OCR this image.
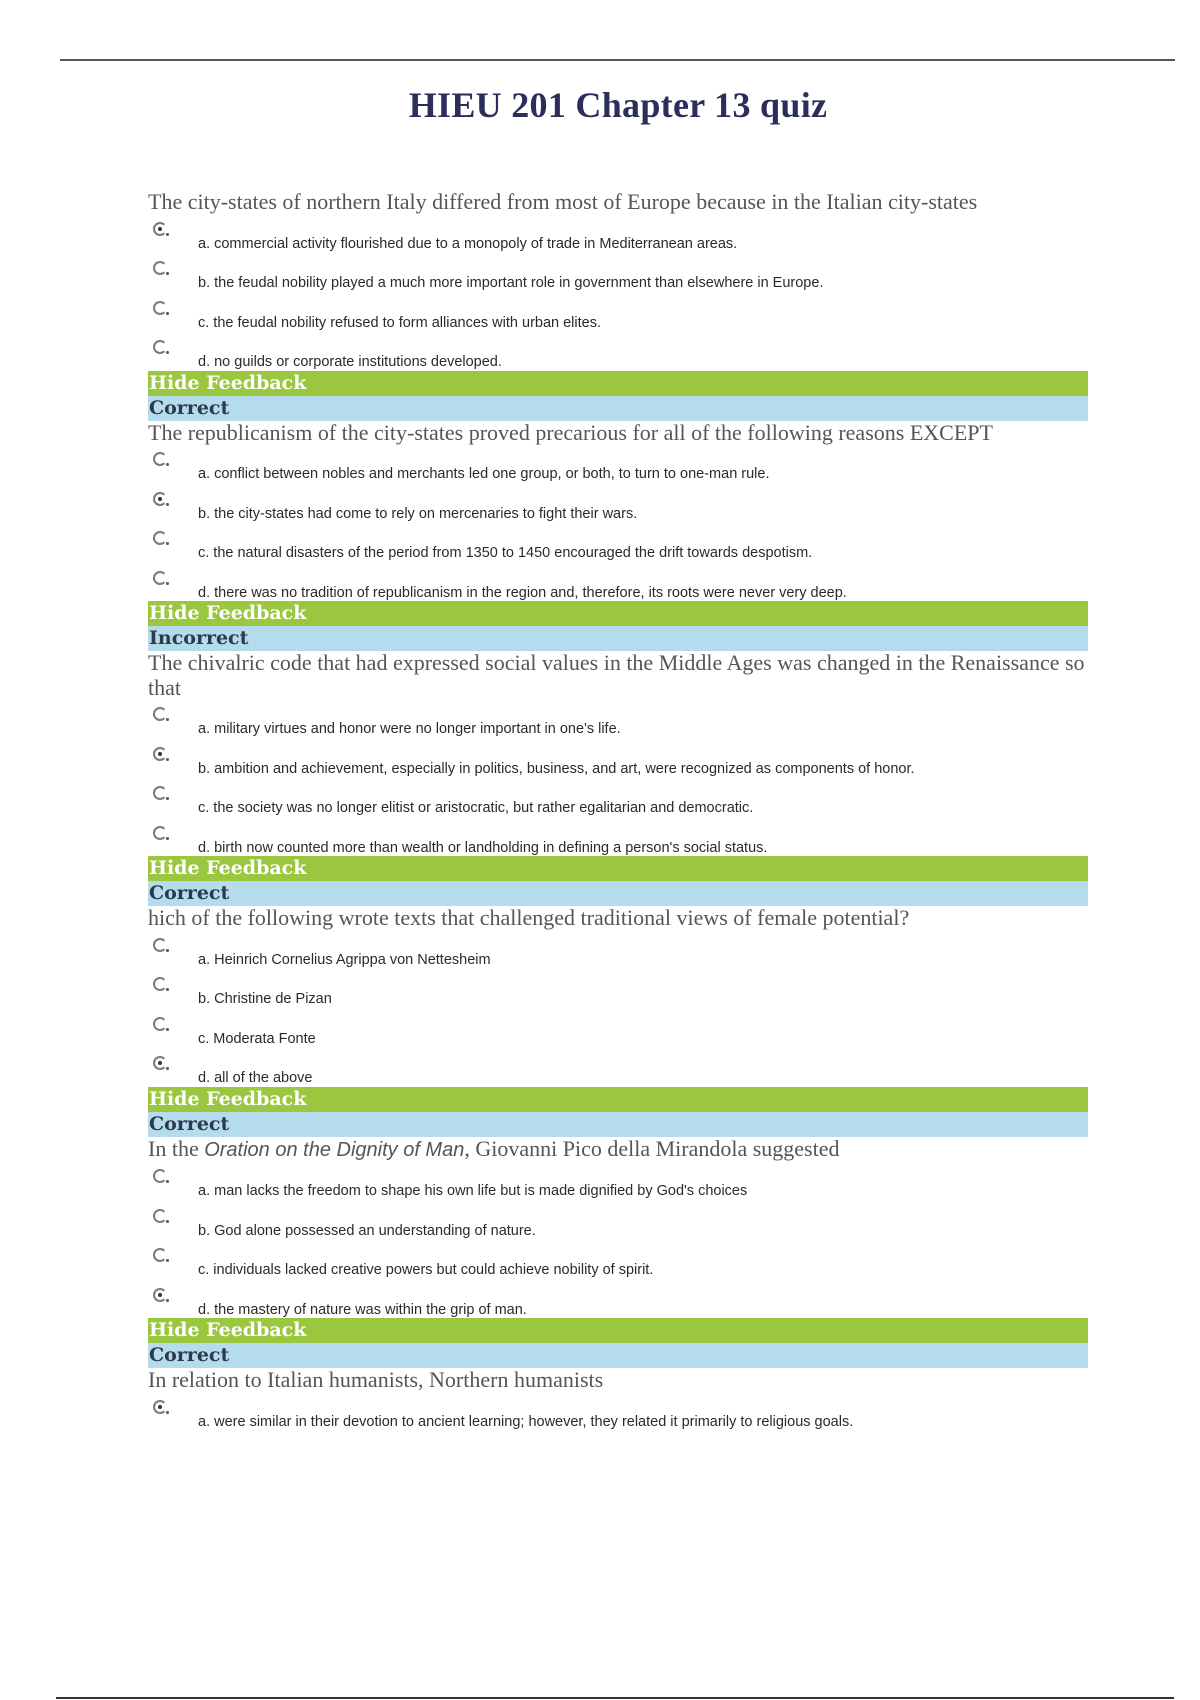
HIEU 201 Chapter 13 quiz
The city-states of northern Italy differed from most of Europe because in the Italian city-states
a. commercial activity flourished due to a monopoly of trade in Mediterranean areas.
b. the feudal nobility played a much more important role in government than elsewhere in Europe.
c. the feudal nobility refused to form alliances with urban elites.
d. no guilds or corporate institutions developed.
Hide Feedback
Correct
The republicanism of the city-states proved precarious for all of the following reasons EXCEPT
a. conflict between nobles and merchants led one group, or both, to turn to one-man rule.
b. the city-states had come to rely on mercenaries to fight their wars.
c. the natural disasters of the period from 1350 to 1450 encouraged the drift towards despotism.
d. there was no tradition of republicanism in the region and, therefore, its roots were never very deep.
Hide Feedback
Incorrect
The chivalric code that had expressed social values in the Middle Ages was changed in the Renaissance so that
a. military virtues and honor were no longer important in one's life.
b. ambition and achievement, especially in politics, business, and art, were recognized as components of honor.
c. the society was no longer elitist or aristocratic, but rather egalitarian and democratic.
d. birth now counted more than wealth or landholding in defining a person's social status.
Hide Feedback
Correct
hich of the following wrote texts that challenged traditional views of female potential?
a. Heinrich Cornelius Agrippa von Nettesheim
b. Christine de Pizan
c. Moderata Fonte
d. all of the above
Hide Feedback
Correct
In the Oration on the Dignity of Man, Giovanni Pico della Mirandola suggested
a. man lacks the freedom to shape his own life but is made dignified by God's choices
b. God alone possessed an understanding of nature.
c. individuals lacked creative powers but could achieve nobility of spirit.
d. the mastery of nature was within the grip of man.
Hide Feedback
Correct
In relation to Italian humanists, Northern humanists
a. were similar in their devotion to ancient learning; however, they related it primarily to religious goals.
